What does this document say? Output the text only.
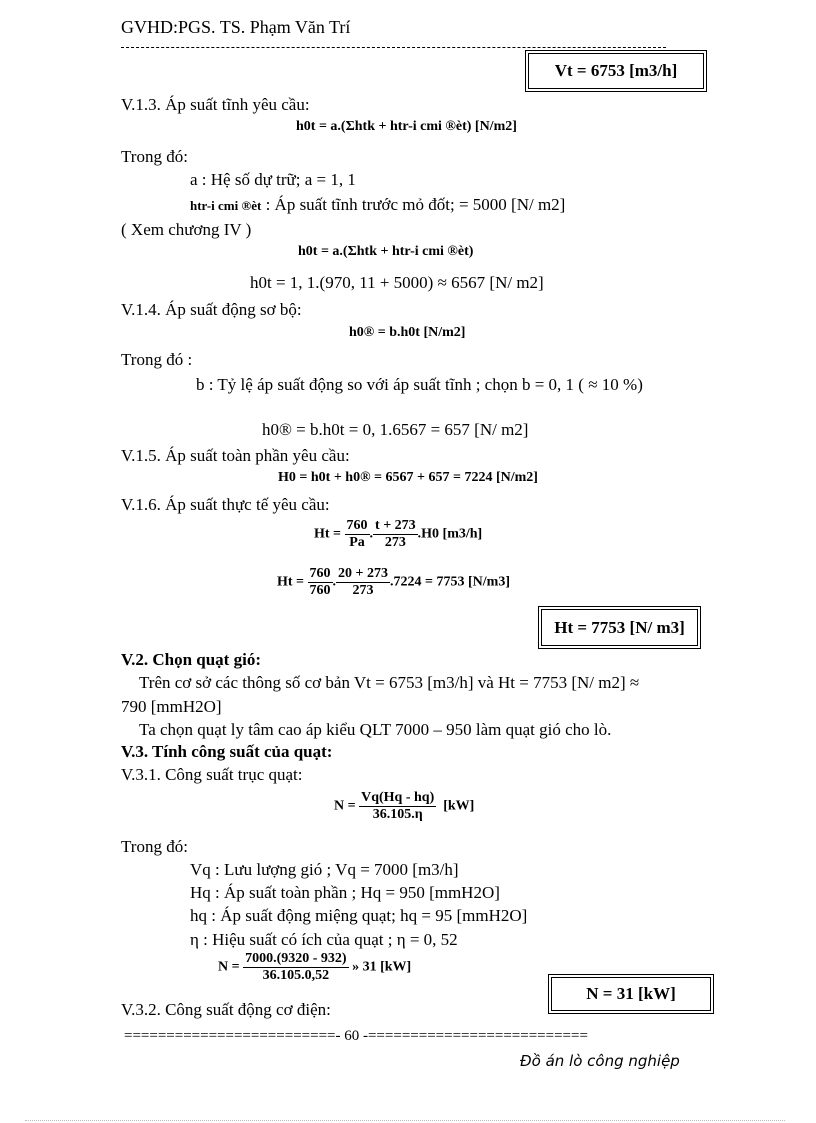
GVHD:PGS. TS. Phạm Văn Trí
Vt = 6753 [m3/h]
V.1.3. Áp suất tĩnh yêu cầu:
h0t = a.(Σhtk + htr-i cmi ®èt) [N/m2]
Trong đó:
a : Hệ số dự trữ; a = 1, 1
htr-i cmi ®èt : Áp suất tĩnh trước mỏ đốt; = 5000 [N/ m2]
( Xem chương IV )
h0t = a.(Σhtk + htr-i cmi ®èt)
h0t = 1, 1.(970, 11 + 5000) ≈ 6567 [N/ m2]
V.1.4. Áp suất động sơ bộ:
h0® = b.h0t [N/m2]
Trong đó :
b : Tỷ lệ áp suất động so với áp suất tĩnh ; chọn b = 0, 1 ( ≈ 10 %)
h0® = b.h0t = 0, 1.6567 = 657 [N/ m2]
V.1.5. Áp suất toàn phần yêu cầu:
H0 = h0t + h0® = 6567 + 657 = 7224 [N/m2]
V.1.6. Áp suất thực tế yêu cầu:
$Ht = \frac{760}{Pa}$ . $\frac{t + 273}{273} .H0$ [m3/h]
$Ht = \frac{760}{760}$ . $\frac{20 + 273}{273} .7224 = 7753$ [N/m3]
Ht = 7753 [N/ m3]
V.2. Chọn quạt gió:
Trên cơ sở các thông số cơ bản Vt = 6753 [m3/h] và Ht = 7753 [N/ m2] ≈
790 [mmH2O]
Ta chọn quạt ly tâm cao áp kiểu QLT 7000 – 950 làm quạt gió cho lò.
V.3. Tính công suất của quạt:
V.3.1. Công suất trục quạt:
$N = \frac{Vq(Hq - hq)}{36.105.\eta} [kW]$
Trong đó:
Vq : Lưu lượng gió ; Vq = 7000 [m3/h]
Hq : Áp suất toàn phần ; Hq = 950 [mmH2O]
hq : Áp suất động miệng quạt; hq = 95 [mmH2O]
η : Hiệu suất có ích của quạt ; η = 0, 52
$N = \frac{7000.(9320 - 932)}{36.105.0,52}$ » 31 [kW]
N = 31 [kW]
V.3.2. Công suất động cơ điện:
=========================- 60 -==========================
Đồ án lò công nghiệp
